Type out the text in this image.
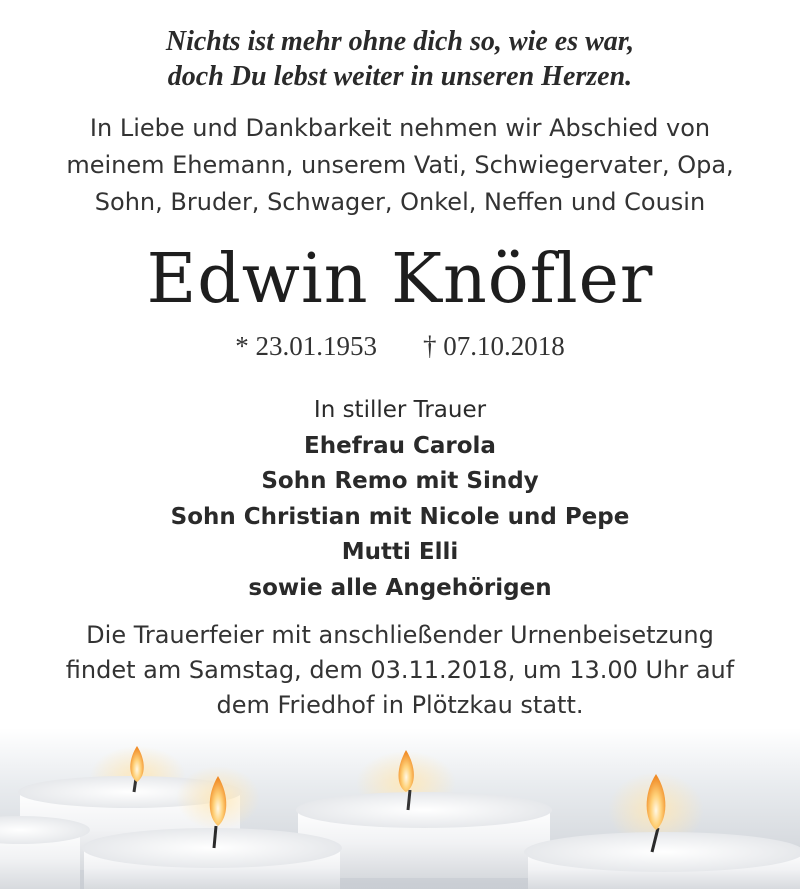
Nichts ist mehr ohne dich so, wie es war,
doch Du lebst weiter in unseren Herzen.
In Liebe und Dankbarkeit nehmen wir Abschied von
meinem Ehemann, unserem Vati, Schwiegervater, Opa,
Sohn, Bruder, Schwager, Onkel, Neffen und Cousin
Edwin Knöfler
* 23.01.1953 † 07.10.2018
In stiller Trauer
Ehefrau Carola
Sohn Remo mit Sindy
Sohn Christian mit Nicole und Pepe
Mutti Elli
sowie alle Angehörigen
Die Trauerfeier mit anschließender Urnenbeisetzung
findet am Samstag, dem 03.11.2018, um 13.00 Uhr auf
dem Friedhof in Plötzkau statt.
